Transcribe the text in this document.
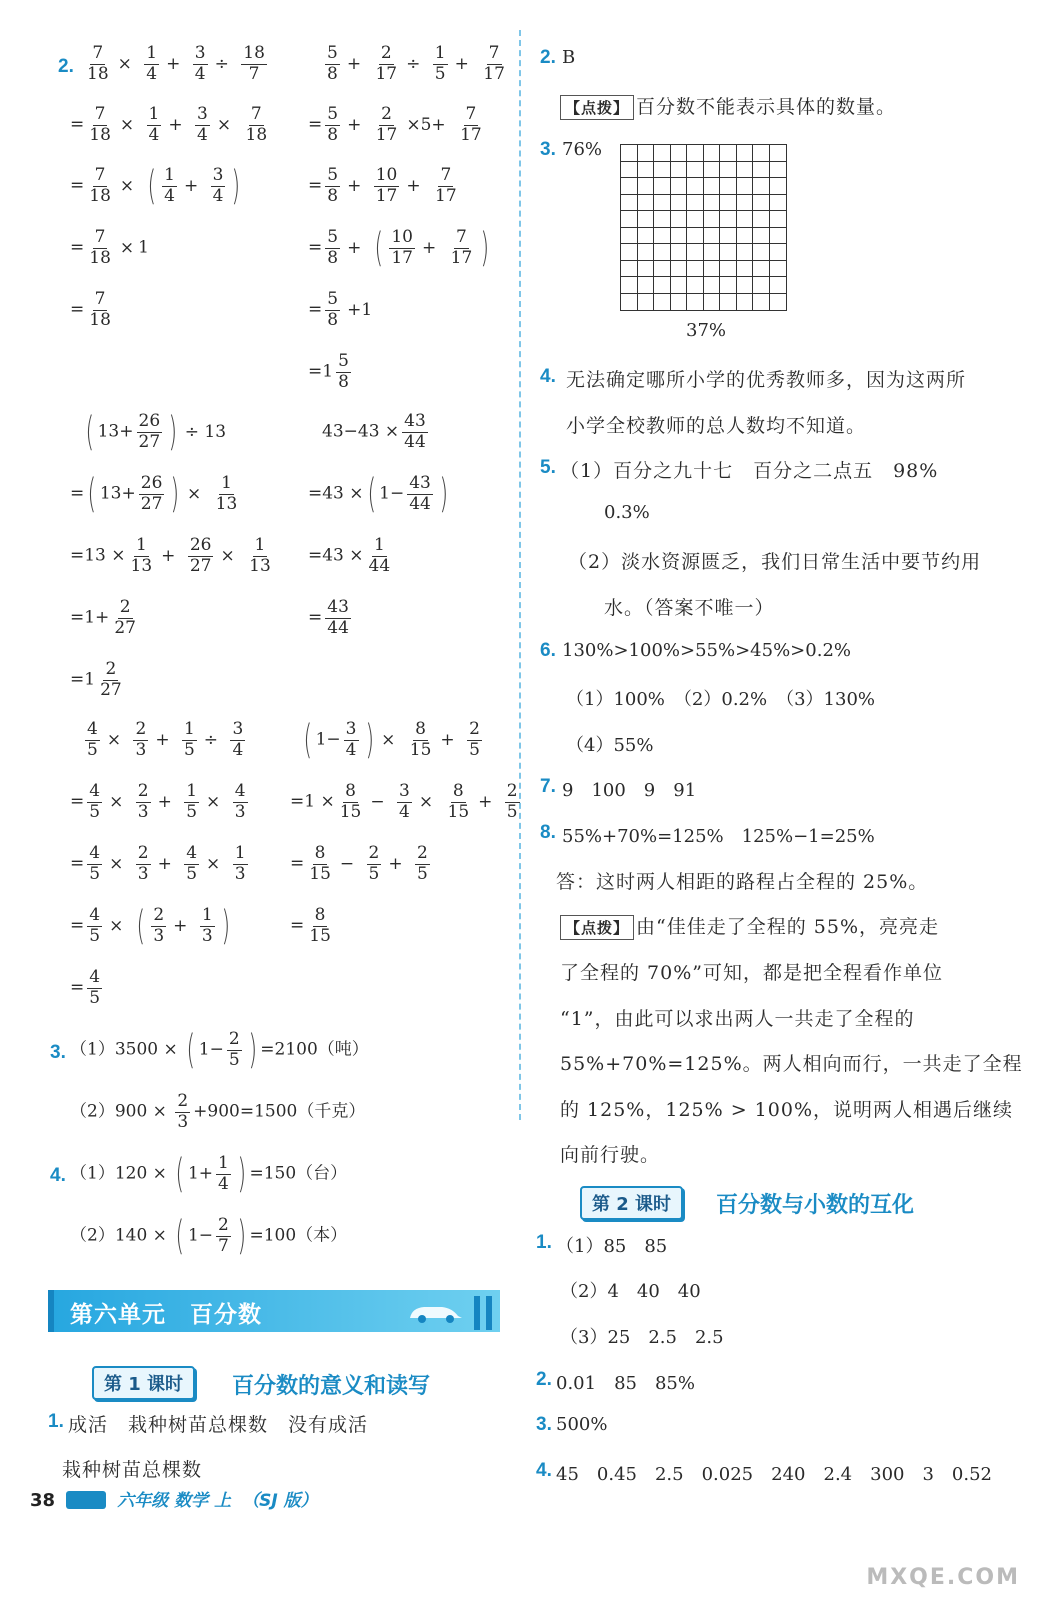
2. $\frac{7}{18} \times \frac{1}{4} + \frac{3}{4} \div \frac{18}{7}$
= $\frac{7}{18} \times \frac{1}{4} + \frac{3}{4} \times \frac{7}{18}$
= $\frac{7}{18}$ × ( $\frac{1}{4} + \frac{3}{4}$ )
= $\frac{7}{18} \times 1$
= $\frac{7}{18}$
$\frac{5}{8} + \frac{2}{17} \div \frac{1}{5} + \frac{7}{17}$
= $\frac{5}{8} + \frac{2}{17} \times 5+ \frac{7}{17}$
= $\frac{5}{8} + \frac{10}{17} + \frac{7}{17}$
= $\frac{5}{8}$ + ( $\frac{10}{17} + \frac{7}{17}$ )
= $\frac{5}{8} +1$
$=1 \frac{5}{8}$
( $13+ \frac{26}{27}$ ) ÷ 13
=( $13+ \frac{26}{27}$ ) × $\frac{1}{13}$
$=13 \times \frac{1}{13} + \frac{26}{27} \times \frac{1}{13}$
$=1+ \frac{2}{27}$
$=1 \frac{2}{27}$
$43-43 \times \frac{43}{44}$
=43 ×( $1- \frac{43}{44}$ )
$=43 \times \frac{1}{44}$
= $\frac{43}{44}$
$\frac{4}{5} \times \frac{2}{3} + \frac{1}{5} \div \frac{3}{4}$
= $\frac{4}{5} \times \frac{2}{3} + \frac{1}{5} \times \frac{4}{3}$
= $\frac{4}{5} \times \frac{2}{3} + \frac{4}{5} \times \frac{1}{3}$
= $\frac{4}{5}$ × ( $\frac{2}{3} + \frac{1}{3}$ )
= $\frac{4}{5}$
( $1- \frac{3}{4}$ ) × $\frac{8}{15} + \frac{2}{5}$
$=1 \times \frac{8}{15} - \frac{3}{4} \times \frac{8}{15} + \frac{2}{5}$
= $\frac{8}{15} - \frac{2}{5} + \frac{2}{5}$
= $\frac{8}{15}$
3. （1）3500 × ( $1- \frac{2}{5}$ ) =2100（吨）
$(2)900 \times \frac{2}{3} +900=1500$（千克）
4. （1）120 × ( $1+ \frac{1}{4}$ ) =150（台）
（2）140 × ( $1- \frac{2}{7}$ ) =100（本）
第六单元　百分数
第 1 课时	百分数的意义和读写
1. 成活　栽种树苗总棵数　没有成活
栽种树苗总棵数
2. B
【点拨】 百分数不能表示具体的数量。
3. 76%
37%
4. 无法确定哪所小学的优秀教师多，因为这两所
小学全校教师的总人数均不知道。
5. （1）百分之九十七　百分之二点五　98%
0.3%
（2）淡水资源匮乏，我们日常生活中要节约用
水。（答案不唯一）
6. 130%>100%>55%>45%>0.2%
（1）100%　（2）0.2%　（3）130%
（4）55%
7. 9　100　9　91
8. 55%+70%=125%　125%−1=25%
答：这时两人相距的路程占全程的 25%。
【点拨】 由“佳佳走了全程的 55%，亮亮走
了全程的 70%”可知，都是把全程看作单位
“1”，由此可以求出两人一共走了全程的
55%+70%=125%。两人相向而行，一共走了全程
的 125%，125% > 100%，说明两人相遇后继续
向前行驶。
第 2 课时	百分数与小数的互化
1. （1）85　85
（2）4　40　40
（3）25　2.5　2.5
2. 0.01　85　85%
3. 500%
4. 45　0.45　2.5　0.025　240　2.4　300　3　0.52
38	六年级 数学 上 （SJ 版）
MXQE.COM
